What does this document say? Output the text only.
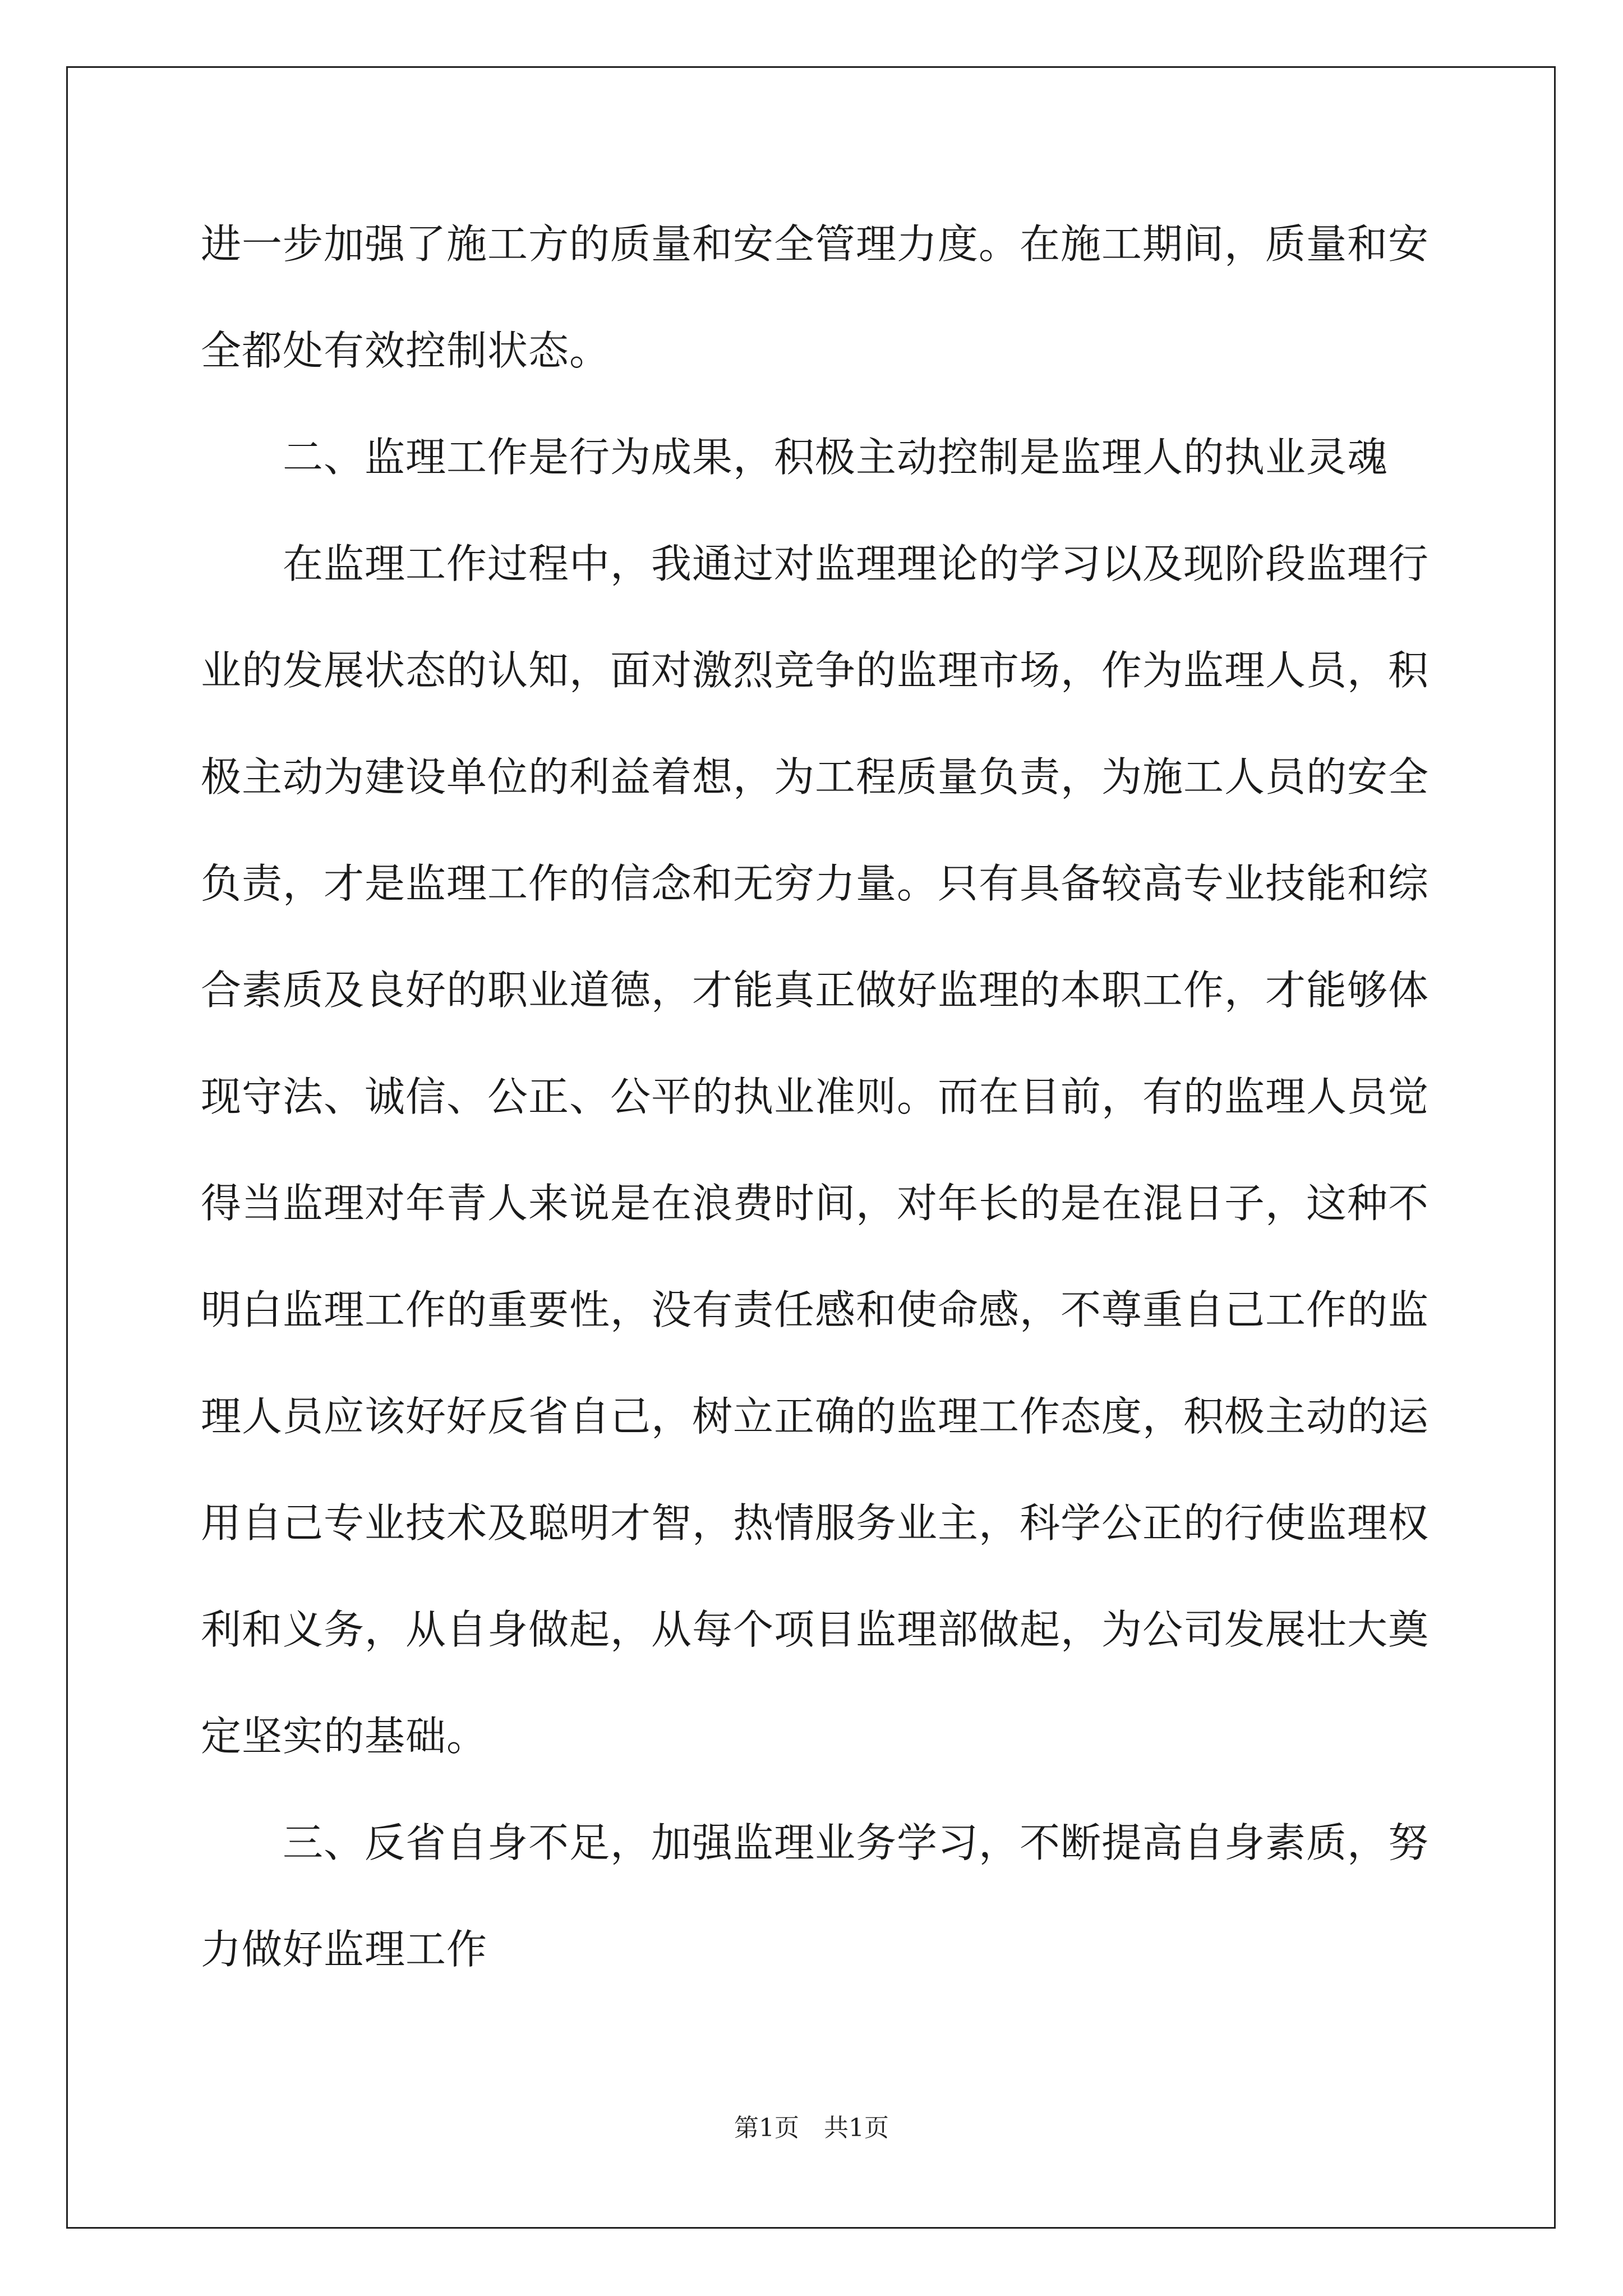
进一步加强了施工方的质量和安全管理力度。在施工期间，质量和安
全都处有效控制状态。
二、监理工作是行为成果，积极主动控制是监理人的执业灵魂
在监理工作过程中，我通过对监理理论的学习以及现阶段监理行
业的发展状态的认知，面对激烈竞争的监理市场，作为监理人员，积
极主动为建设单位的利益着想，为工程质量负责，为施工人员的安全
负责，才是监理工作的信念和无穷力量。只有具备较高专业技能和综
合素质及良好的职业道德，才能真正做好监理的本职工作，才能够体
现守法、诚信、公正、公平的执业准则。而在目前，有的监理人员觉
得当监理对年青人来说是在浪费时间，对年长的是在混日子，这种不
明白监理工作的重要性，没有责任感和使命感，不尊重自己工作的监
理人员应该好好反省自己，树立正确的监理工作态度，积极主动的运
用自己专业技术及聪明才智，热情服务业主，科学公正的行使监理权
利和义务，从自身做起，从每个项目监理部做起，为公司发展壮大奠
定坚实的基础。
三、反省自身不足，加强监理业务学习，不断提高自身素质，努
力做好监理工作
第1页 共1页
